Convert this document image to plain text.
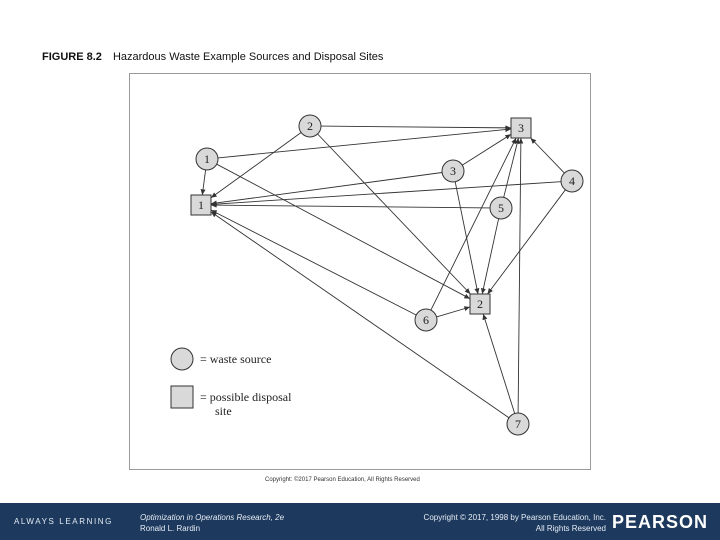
FIGURE 8.2 Hazardous Waste Example Sources and Disposal Sites
1
2
3
4
5
6
7
1
2
3
= waste source
= possible disposal
site
Copyright: ©2017 Pearson Education, All Rights Reserved
ALWAYS LEARNING	Optimization in Operations Research, 2e
Ronald L. Rardin
Copyright © 2017, 1998 by Pearson Education, Inc.
All Rights Reserved PEARSON
